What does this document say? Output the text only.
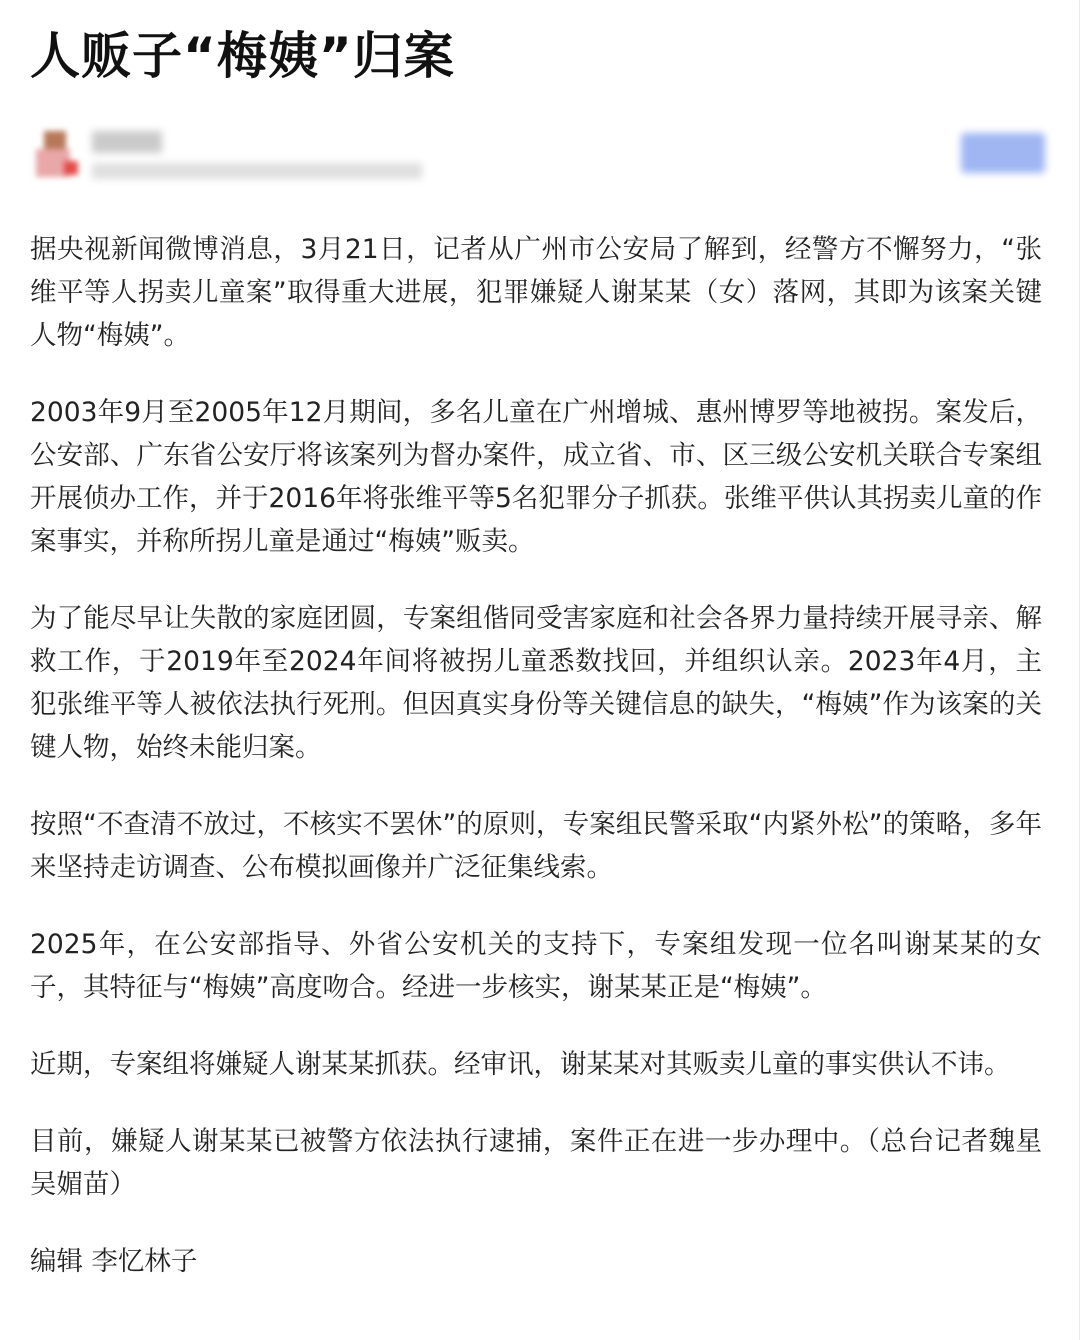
人贩子“梅姨”归案

据央视新闻微博消息，3月21日，记者从广州市公安局了解到，经警方不懈努力，“张维平等人拐卖儿童案”取得重大进展，犯罪嫌疑人谢某某（女）落网，其即为该案关键人物“梅姨”。

2003年9月至2005年12月期间，多名儿童在广州增城、惠州博罗等地被拐。案发后，公安部、广东省公安厅将该案列为督办案件，成立省、市、区三级公安机关联合专案组开展侦办工作，并于2016年将张维平等5名犯罪分子抓获。张维平供认其拐卖儿童的作案事实，并称所拐儿童是通过“梅姨”贩卖。

为了能尽早让失散的家庭团圆，专案组偕同受害家庭和社会各界力量持续开展寻亲、解救工作，于2019年至2024年间将被拐儿童悉数找回，并组织认亲。2023年4月，主犯张维平等人被依法执行死刑。但因真实身份等关键信息的缺失，“梅姨”作为该案的关键人物，始终未能归案。

按照“不查清不放过，不核实不罢休”的原则，专案组民警采取“内紧外松”的策略，多年来坚持走访调查、公布模拟画像并广泛征集线索。

2025年，在公安部指导、外省公安机关的支持下，专案组发现一位名叫谢某某的女子，其特征与“梅姨”高度吻合。经进一步核实，谢某某正是“梅姨”。

近期，专案组将嫌疑人谢某某抓获。经审讯，谢某某对其贩卖儿童的事实供认不讳。

目前，嫌疑人谢某某已被警方依法执行逮捕，案件正在进一步办理中。（总台记者魏星 吴媚苗）

编辑 李忆林子
